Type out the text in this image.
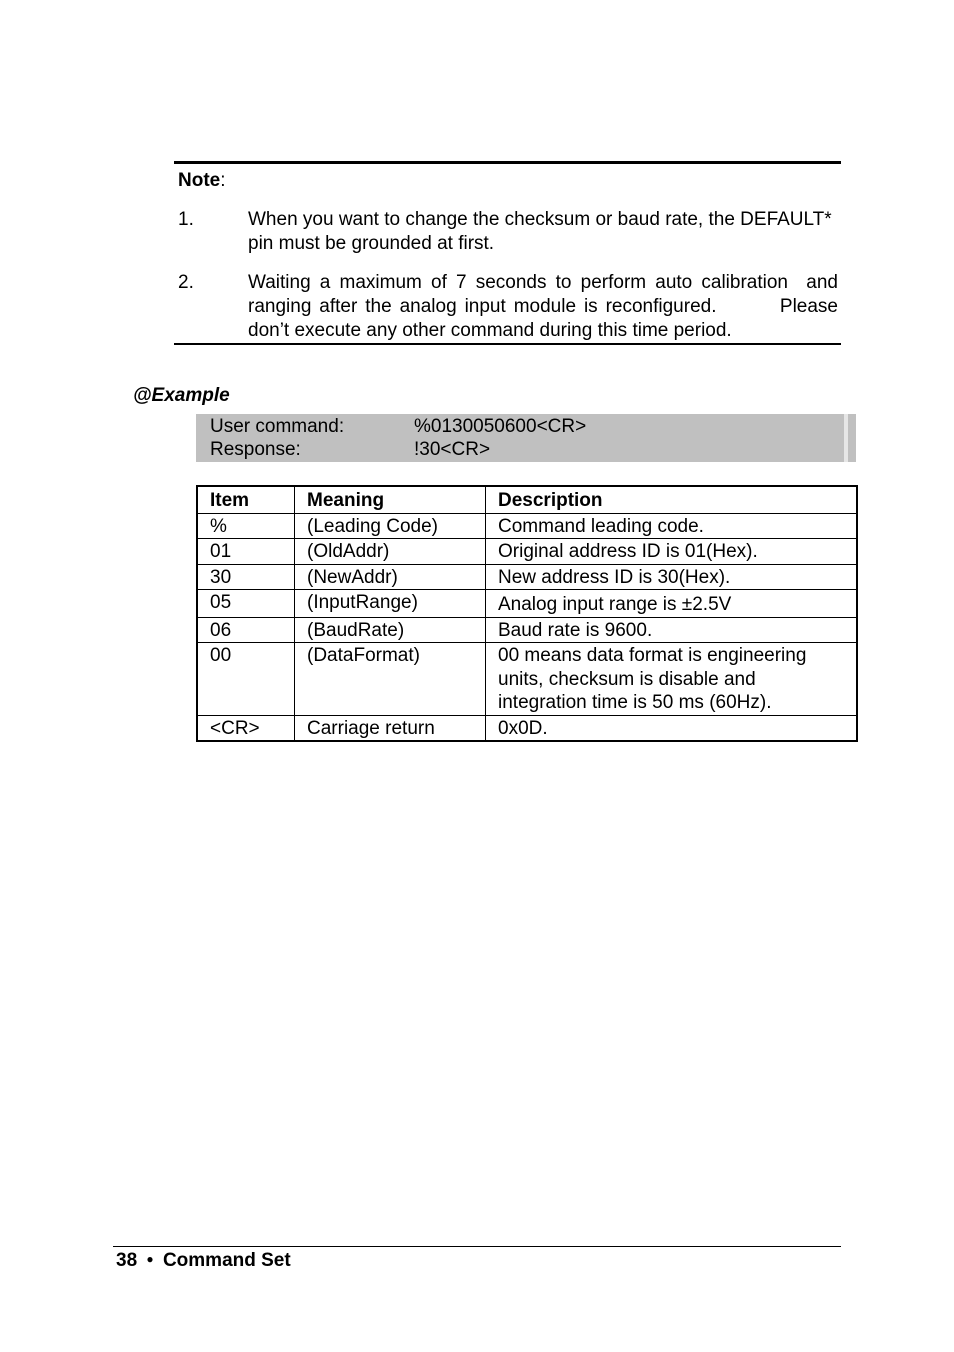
Note:
1.	When you want to change the checksum or baud rate, the DEFAULT* pin must be grounded at first.
2.	Waiting a maximum of 7 seconds to perform auto calibration  and ranging after the analog input module is reconfigured.        Please don’t execute any other command during this time period.
@Example
User command:	%0130050600<CR>
Response:	!30<CR>
Item	Meaning	Description
%	(Leading Code)	Command leading code.
01	(OldAddr)	Original address ID is 01(Hex).
30	(NewAddr)	New address ID is 30(Hex).
05	(InputRange)	Analog input range is ±2.5V
06	(BaudRate)	Baud rate is 9600.
00	(DataFormat)	00 means data format is engineering units, checksum is disable and integration time is 50 ms (60Hz).
<CR>	Carriage return	0x0D.
38 ● Command Set
